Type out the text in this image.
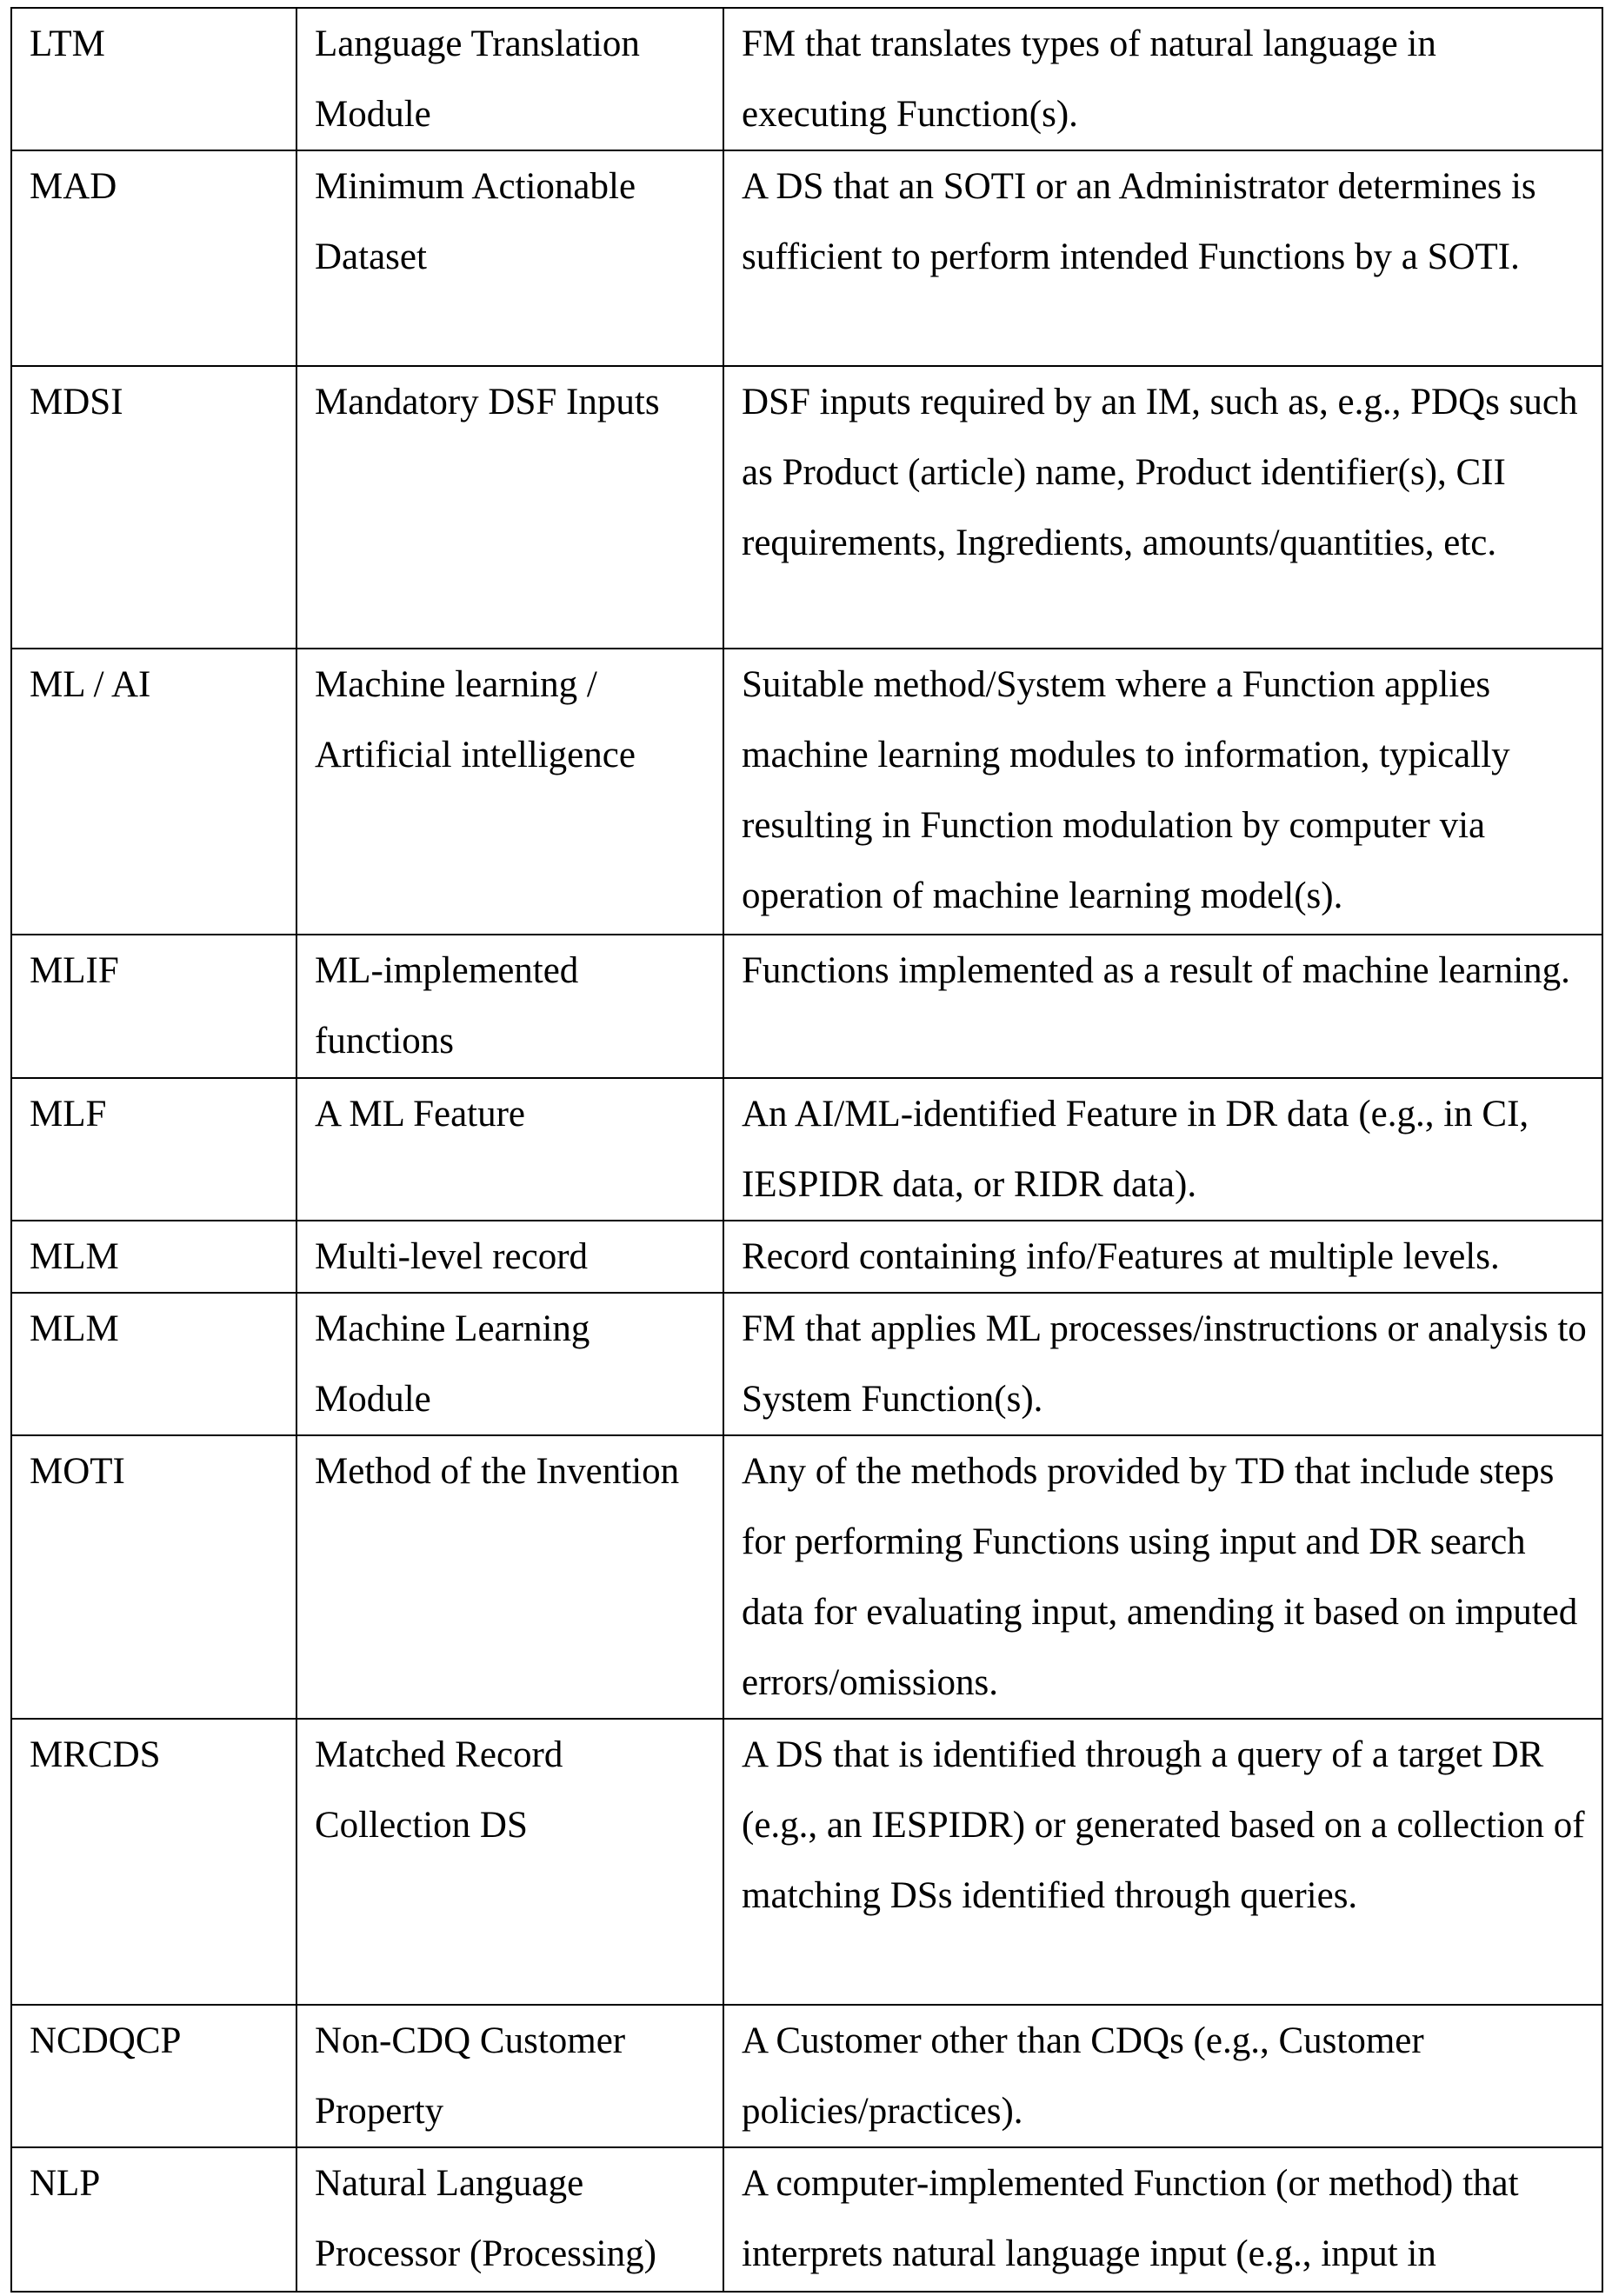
LTM	Language Translation Module	FM that translates types of natural language in executing Function(s).
MAD	Minimum Actionable Dataset	A DS that an SOTI or an Administrator determines is sufficient to perform intended Functions by a SOTI.
MDSI	Mandatory DSF Inputs	DSF inputs required by an IM, such as, e.g., PDQs such as Product (article) name, Product identifier(s), CII requirements, Ingredients, amounts/quantities, etc.
ML / AI	Machine learning / Artificial intelligence	Suitable method/System where a Function applies machine learning modules to information, typically resulting in Function modulation by computer via operation of machine learning model(s).
MLIF	ML-implemented functions	Functions implemented as a result of machine learning.
MLF	A ML Feature	An AI/ML-identified Feature in DR data (e.g., in CI, IESPIDR data, or RIDR data).
MLM	Multi-level record	Record containing info/Features at multiple levels.
MLM	Machine Learning Module	FM that applies ML processes/instructions or analysis to System Function(s).
MOTI	Method of the Invention	Any of the methods provided by TD that include steps for performing Functions using input and DR search data for evaluating input, amending it based on imputed errors/omissions.
MRCDS	Matched Record Collection DS	A DS that is identified through a query of a target DR (e.g., an IESPIDR) or generated based on a collection of matching DSs identified through queries.
NCDQCP	Non-CDQ Customer Property	A Customer other than CDQs (e.g., Customer policies/practices).
NLP	Natural Language Processor (Processing)	A computer-implemented Function (or method) that interprets natural language input (e.g., input in
